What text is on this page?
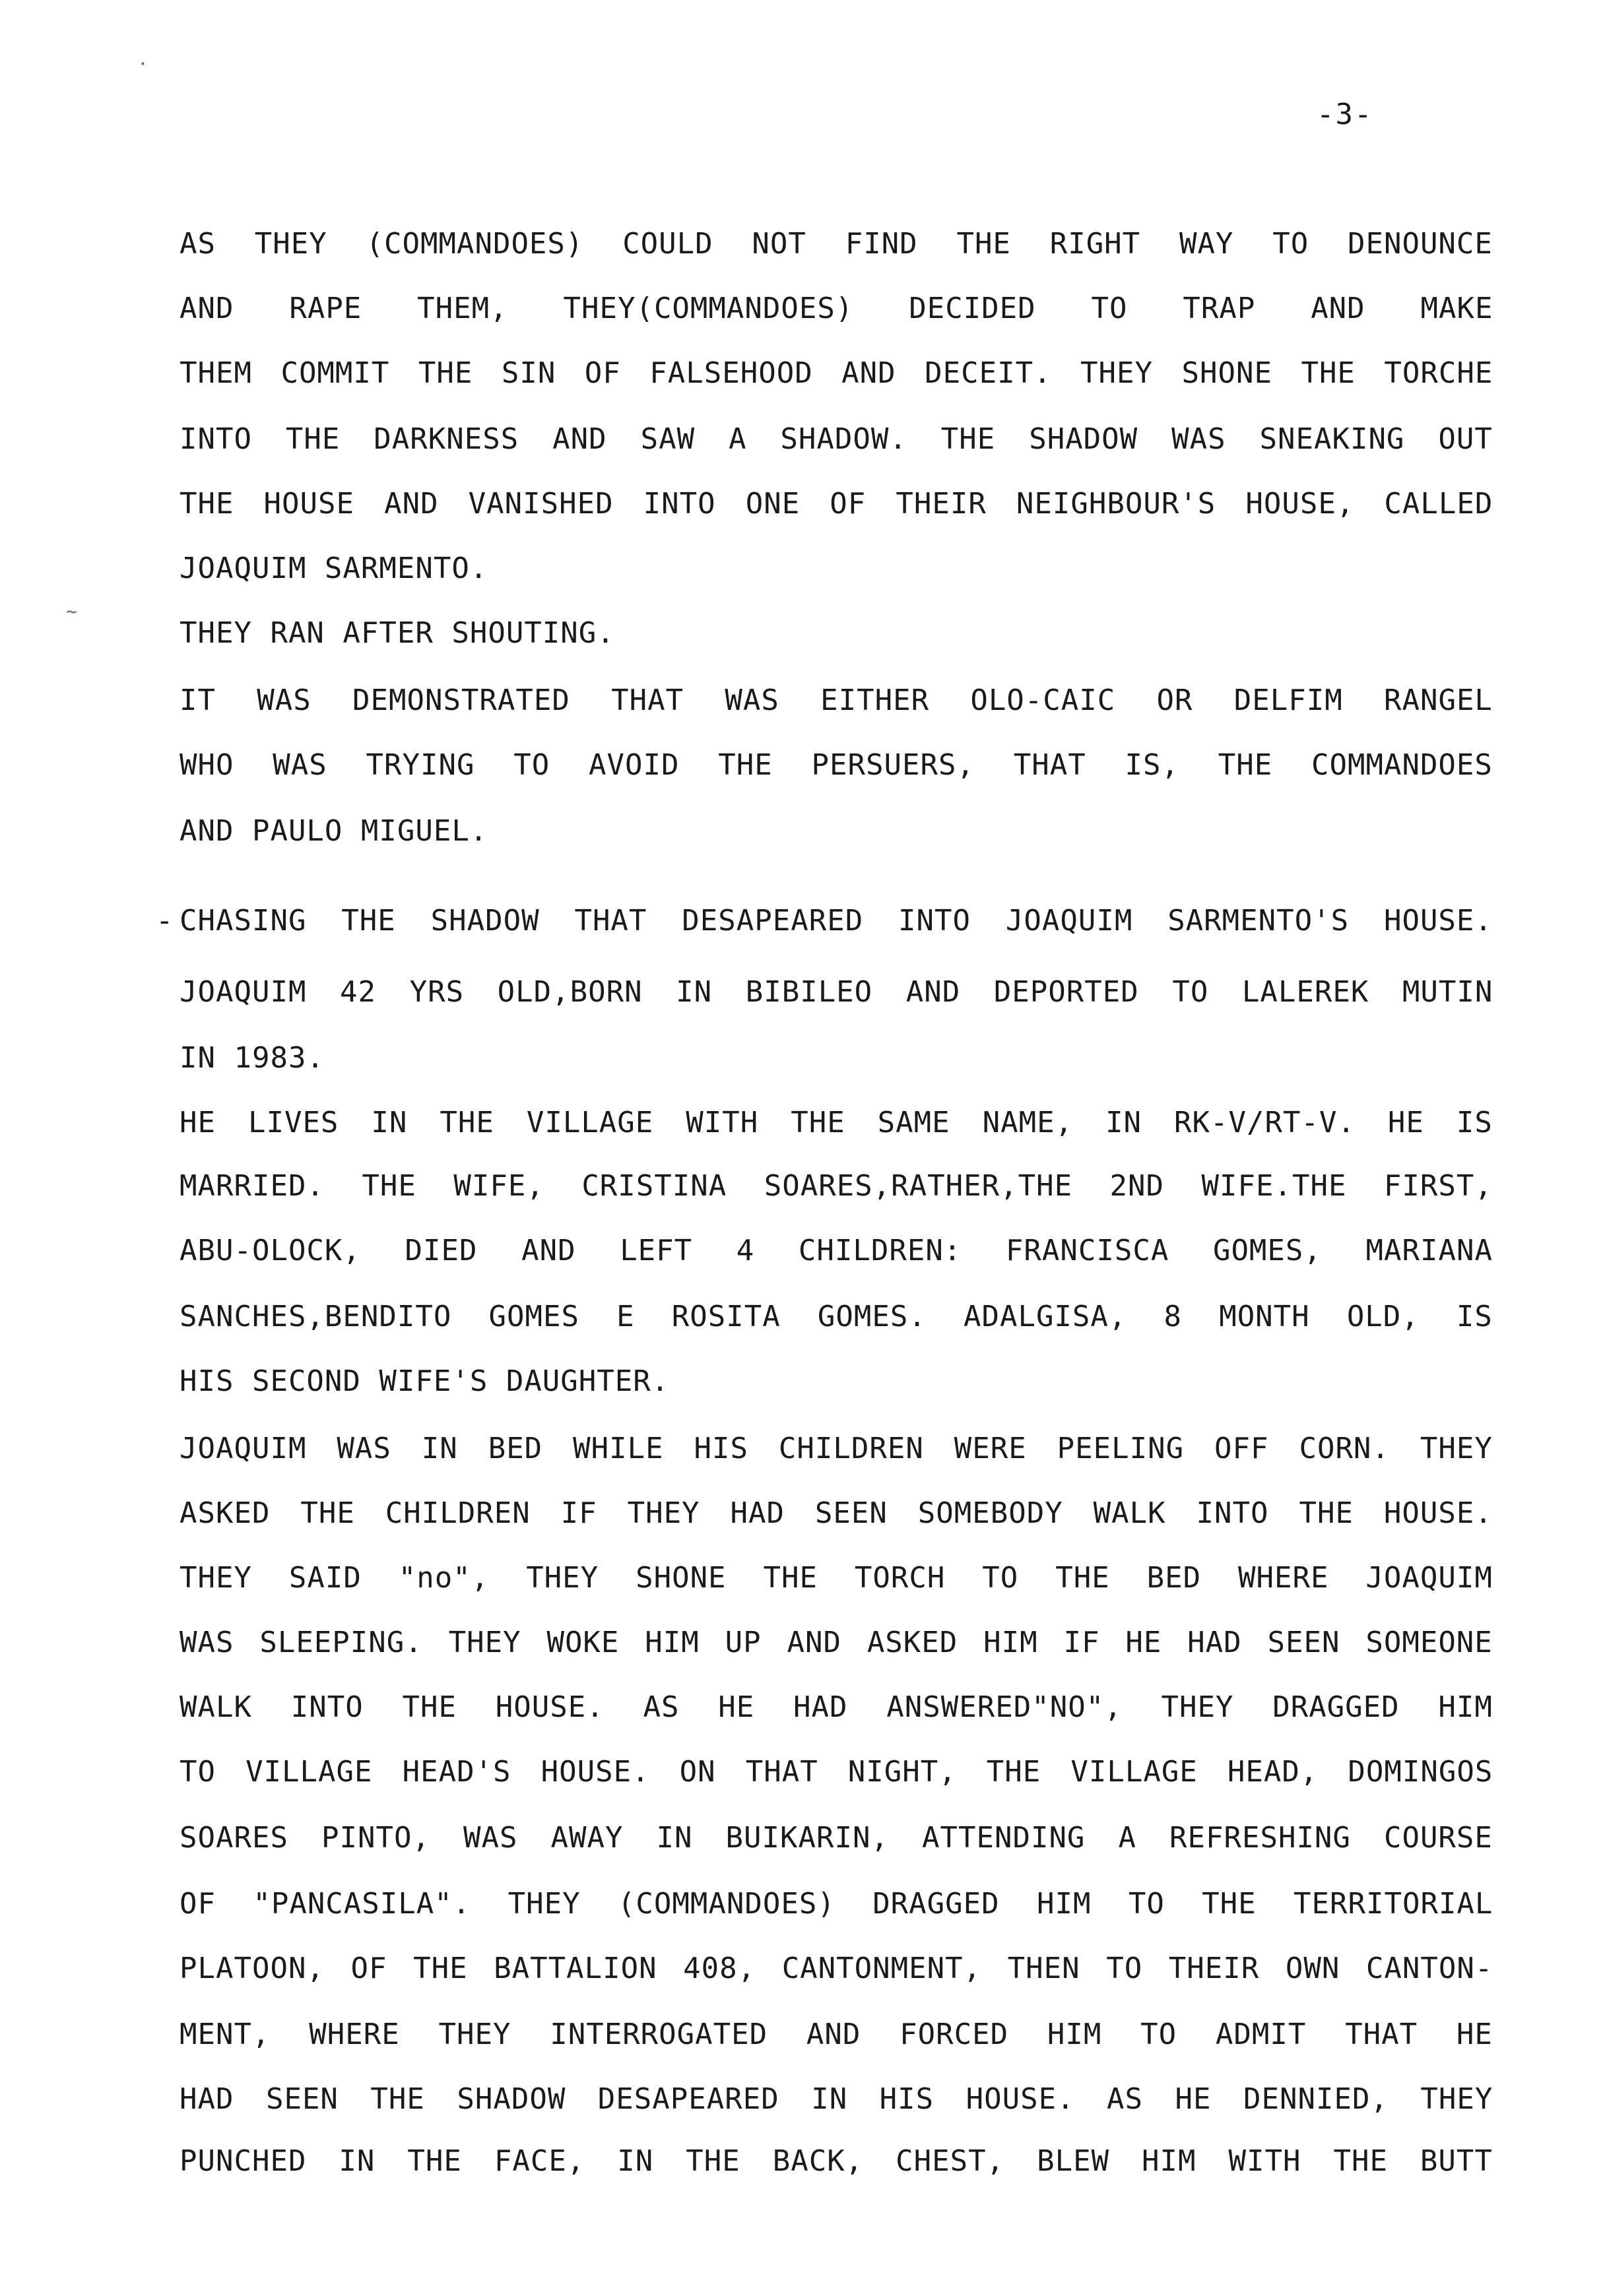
-3-
·
~
AS THEY (COMMANDOES) COULD NOT FIND THE RIGHT WAY TO DENOUNCE
AND RAPE THEM, THEY(COMMANDOES) DECIDED TO TRAP AND MAKE
THEM COMMIT THE SIN OF FALSEHOOD AND DECEIT. THEY SHONE THE TORCHE
INTO THE DARKNESS AND SAW A SHADOW. THE SHADOW WAS SNEAKING OUT
THE HOUSE AND VANISHED INTO ONE OF THEIR NEIGHBOUR'S HOUSE, CALLED
JOAQUIM SARMENTO.
THEY RAN AFTER SHOUTING.
IT WAS DEMONSTRATED THAT WAS EITHER OLO-CAIC OR DELFIM RANGEL
WHO WAS TRYING TO AVOID THE PERSUERS, THAT IS, THE COMMANDOES
AND PAULO MIGUEL.
- CHASING THE SHADOW THAT DESAPEARED INTO JOAQUIM SARMENTO'S HOUSE.
JOAQUIM 42 YRS OLD,BORN IN BIBILEO AND DEPORTED TO LALEREK MUTIN
IN 1983.
HE LIVES IN THE VILLAGE WITH THE SAME NAME, IN RK-V/RT-V. HE IS
MARRIED. THE WIFE, CRISTINA SOARES,RATHER,THE 2ND WIFE.THE FIRST,
ABU-OLOCK, DIED AND LEFT 4 CHILDREN: FRANCISCA GOMES, MARIANA
SANCHES,BENDITO GOMES E ROSITA GOMES. ADALGISA, 8 MONTH OLD, IS
HIS SECOND WIFE'S DAUGHTER.
JOAQUIM WAS IN BED WHILE HIS CHILDREN WERE PEELING OFF CORN. THEY
ASKED THE CHILDREN IF THEY HAD SEEN SOMEBODY WALK INTO THE HOUSE.
THEY SAID "no", THEY SHONE THE TORCH TO THE BED WHERE JOAQUIM
WAS SLEEPING. THEY WOKE HIM UP AND ASKED HIM IF HE HAD SEEN SOMEONE
WALK INTO THE HOUSE. AS HE HAD ANSWERED"NO", THEY DRAGGED HIM
TO VILLAGE HEAD'S HOUSE. ON THAT NIGHT, THE VILLAGE HEAD, DOMINGOS
SOARES PINTO, WAS AWAY IN BUIKARIN, ATTENDING A REFRESHING COURSE
OF "PANCASILA". THEY (COMMANDOES) DRAGGED HIM TO THE TERRITORIAL
PLATOON, OF THE BATTALION 408, CANTONMENT, THEN TO THEIR OWN CANTON-
MENT, WHERE THEY INTERROGATED AND FORCED HIM TO ADMIT THAT HE
HAD SEEN THE SHADOW DESAPEARED IN HIS HOUSE. AS HE DENNIED, THEY
PUNCHED IN THE FACE, IN THE BACK, CHEST, BLEW HIM WITH THE BUTT
